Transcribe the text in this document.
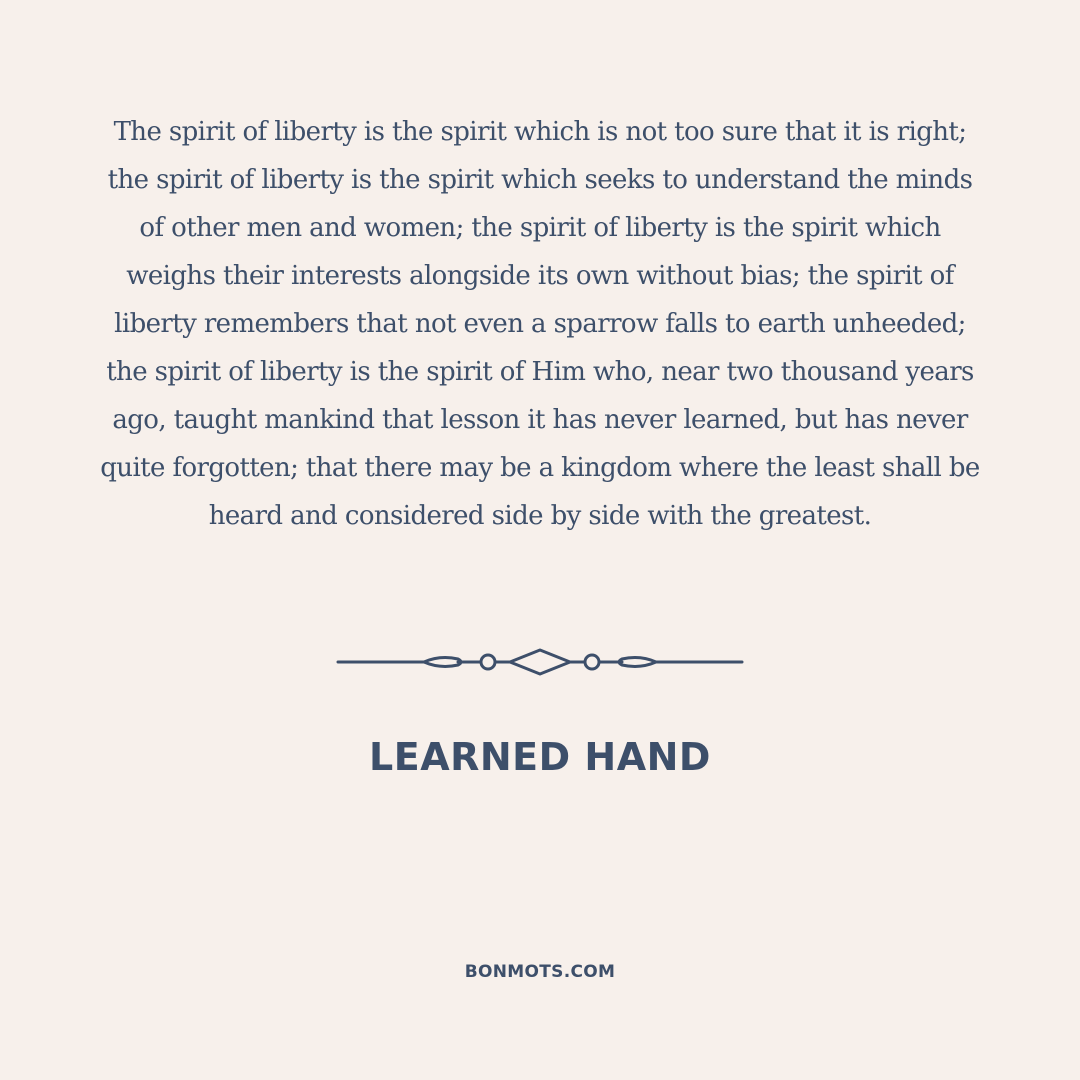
The spirit of liberty is the spirit which is not too sure that it is right; the spirit of liberty is the spirit which seeks to understand the minds of other men and women; the spirit of liberty is the spirit which weighs their interests alongside its own without bias; the spirit of liberty remembers that not even a sparrow falls to earth unheeded; the spirit of liberty is the spirit of Him who, near two thousand years ago, taught mankind that lesson it has never learned, but has never quite forgotten; that there may be a kingdom where the least shall be heard and considered side by side with the greatest.

LEARNED HAND
BONMOTS.COM
